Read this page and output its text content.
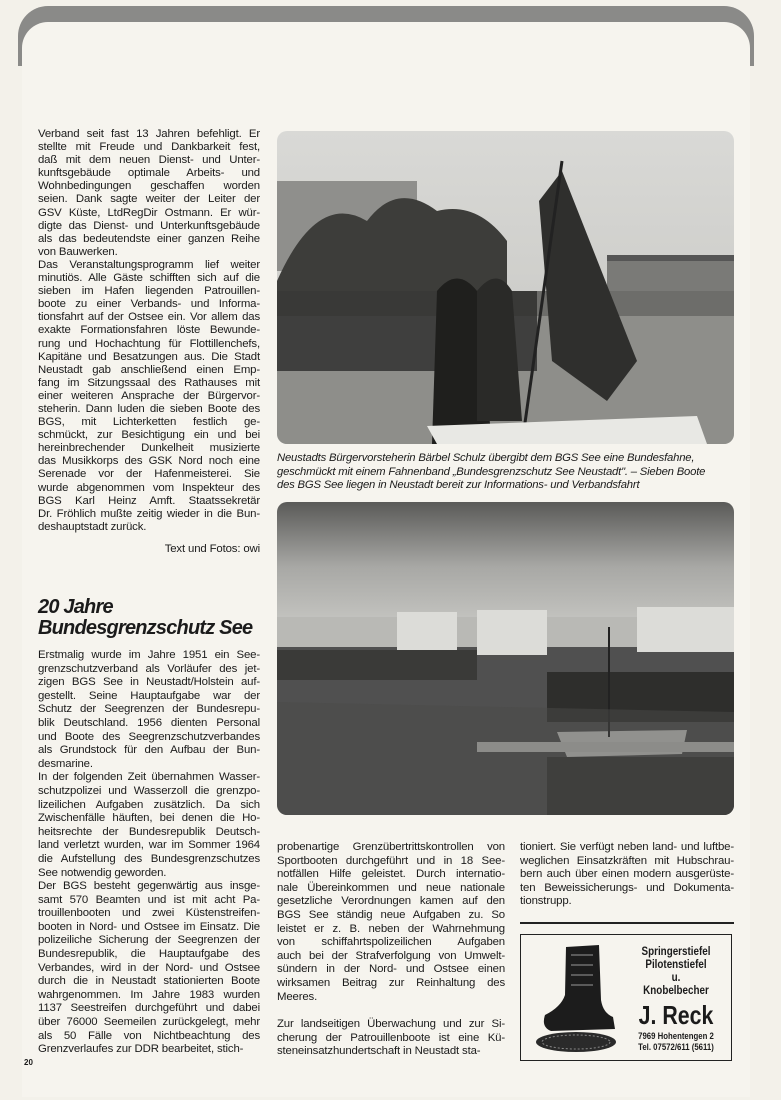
Verband seit fast 13 Jahren befehligt. Er
stellte mit Freude und Dankbarkeit fest,
daß mit dem neuen Dienst- und Unter-
kunftsgebäude optimale Arbeits- und
Wohnbedingungen geschaffen worden
seien. Dank sagte weiter der Leiter der
GSV Küste, LtdRegDir Ostmann. Er wür-
digte das Dienst- und Unterkunftsgebäude
als das bedeutendste einer ganzen Reihe
von Bauwerken.
Das Veranstaltungsprogramm lief weiter
minutiös. Alle Gäste schifften sich auf die
sieben im Hafen liegenden Patrouillen-
boote zu einer Verbands- und Informa-
tionsfahrt auf der Ostsee ein. Vor allem das
exakte Formationsfahren löste Bewunde-
rung und Hochachtung für Flottillenchefs,
Kapitäne und Besatzungen aus. Die Stadt
Neustadt gab anschließend einen Emp-
fang im Sitzungssaal des Rathauses mit
einer weiteren Ansprache der Bürgervor-
steherin. Dann luden die sieben Boote des
BGS, mit Lichterketten festlich ge-
schmückt, zur Besichtigung ein und bei
hereinbrechender Dunkelheit musizierte
das Musikkorps des GSK Nord noch eine
Serenade vor der Hafenmeisterei. Sie
wurde abgenommen vom Inspekteur des
BGS Karl Heinz Amft. Staatssekretär
Dr. Fröhlich mußte zeitig wieder in die Bun-
deshauptstadt zurück.
Text und Fotos: owi
20 Jahre
Bundesgrenzschutz See
Erstmalig wurde im Jahre 1951 ein See-
grenzschutzverband als Vorläufer des jet-
zigen BGS See in Neustadt/Holstein auf-
gestellt. Seine Hauptaufgabe war der
Schutz der Seegrenzen der Bundesrepu-
blik Deutschland. 1956 dienten Personal
und Boote des Seegrenzschutzverbandes
als Grundstock für den Aufbau der Bun-
desmarine.
In der folgenden Zeit übernahmen Wasser-
schutzpolizei und Wasserzoll die grenzpo-
lizeilichen Aufgaben zusätzlich. Da sich
Zwischenfälle häuften, bei denen die Ho-
heitsrechte der Bundesrepublik Deutsch-
land verletzt wurden, war im Sommer 1964
die Aufstellung des Bundesgrenzschutzes
See notwendig geworden.
Der BGS besteht gegenwärtig aus insge-
samt 570 Beamten und ist mit acht Pa-
trouillenbooten und zwei Küstenstreifen-
booten in Nord- und Ostsee im Einsatz. Die
polizeiliche Sicherung der Seegrenzen der
Bundesrepublik, die Hauptaufgabe des
Verbandes, wird in der Nord- und Ostsee
durch die in Neustadt stationierten Boote
wahrgenommen. Im Jahre 1983 wurden
1137 Seestreifen durchgeführt und dabei
über 76000 Seemeilen zurückgelegt, mehr
als 50 Fälle von Nichtbeachtung des
Grenzverlaufes zur DDR bearbeitet, stich-
probenartige Grenzübertrittskontrollen von
Sportbooten durchgeführt und in 18 See-
notfällen Hilfe geleistet. Durch internatio-
nale Übereinkommen und neue nationale
gesetzliche Verordnungen kamen auf den
BGS See ständig neue Aufgaben zu. So
leistet er z. B. neben der Wahrnehmung
von schiffahrtspolizeilichen Aufgaben
auch bei der Strafverfolgung von Umwelt-
sündern in der Nord- und Ostsee einen
wirksamen Beitrag zur Reinhaltung des
Meeres.
Zur landseitigen Überwachung und zur Si-
cherung der Patrouillenboote ist eine Kü-
steneinsatzhundertschaft in Neustadt sta-
tioniert. Sie verfügt neben land- und luftbe-
weglichen Einsatzkräften mit Hubschrau-
bern auch über einen modern ausgerüste-
ten Beweissicherungs- und Dokumenta-
tionstrupp.
Neustadts Bürgervorsteherin Bärbel Schulz übergibt dem BGS See eine Bundesfahne,
geschmückt mit einem Fahnenband „Bundesgrenzschutz See Neustadt". – Sieben Boote
des BGS See liegen in Neustadt bereit zur Informations- und Verbandsfahrt
Springerstiefel
Pilotenstiefel
u.
Knobelbecher
J. Reck
7969 Hohentengen 2
Tel. 07572/611 (5611)
20
